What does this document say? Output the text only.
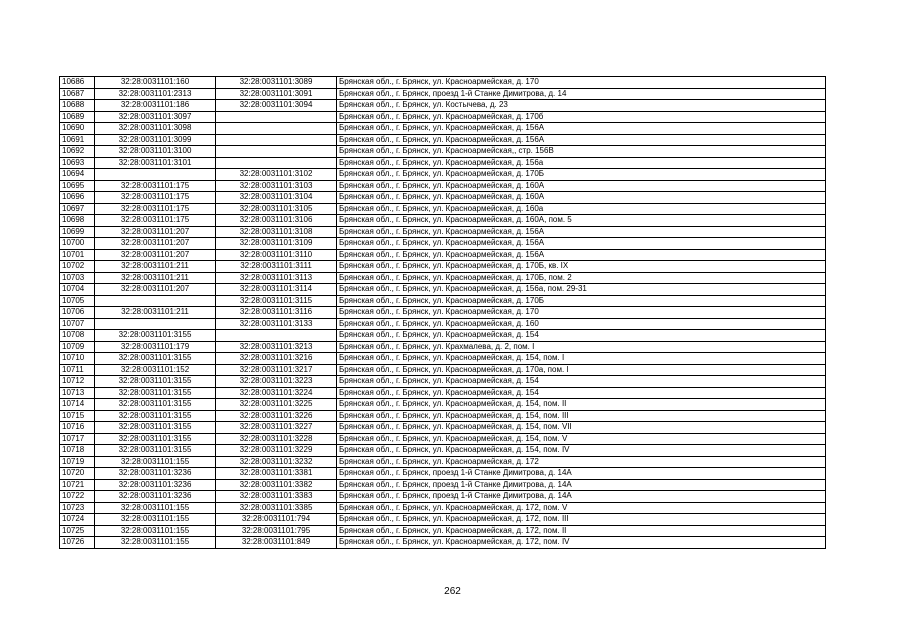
10686	32:28:0031101:160	32:28:0031101:3089	Брянская обл., г. Брянск, ул. Красноармейская, д. 170
10687	32:28:0031101:2313	32:28:0031101:3091	Брянская обл., г. Брянск, проезд 1-й Станке Димитрова, д. 14
10688	32:28:0031101:186	32:28:0031101:3094	Брянская обл., г. Брянск, ул. Костычева, д. 23
10689	32:28:0031101:3097		Брянская обл., г. Брянск, ул. Красноармейская, д. 170б
10690	32:28:0031101:3098		Брянская обл., г. Брянск, ул. Красноармейская, д. 156А
10691	32:28:0031101:3099		Брянская обл., г. Брянск, ул. Красноармейская, д. 156А
10692	32:28:0031101:3100		Брянская обл., г. Брянск, ул. Красноармейская,, стр. 156В
10693	32:28:0031101:3101		Брянская обл., г. Брянск, ул. Красноармейская, д. 156а
10694		32:28:0031101:3102	Брянская обл., г. Брянск, ул. Красноармейская, д. 170Б
10695	32:28:0031101:175	32:28:0031101:3103	Брянская обл., г. Брянск, ул. Красноармейская, д. 160А
10696	32:28:0031101:175	32:28:0031101:3104	Брянская обл., г. Брянск, ул. Красноармейская, д. 160А
10697	32:28:0031101:175	32:28:0031101:3105	Брянская обл., г. Брянск, ул. Красноармейская, д. 160а
10698	32:28:0031101:175	32:28:0031101:3106	Брянская обл., г. Брянск, ул. Красноармейская, д. 160А, пом. 5
10699	32:28:0031101:207	32:28:0031101:3108	Брянская обл., г. Брянск, ул. Красноармейская, д. 156А
10700	32:28:0031101:207	32:28:0031101:3109	Брянская обл., г. Брянск, ул. Красноармейская, д. 156А
10701	32:28:0031101:207	32:28:0031101:3110	Брянская обл., г. Брянск, ул. Красноармейская, д. 156А
10702	32:28:0031101:211	32:28:0031101:3111	Брянская обл., г. Брянск, ул. Красноармейская, д. 170Б, кв. IX
10703	32:28:0031101:211	32:28:0031101:3113	Брянская обл., г. Брянск, ул. Красноармейская, д. 170Б, пом. 2
10704	32:28:0031101:207	32:28:0031101:3114	Брянская обл., г. Брянск, ул. Красноармейская, д. 156а, пом. 29-31
10705		32:28:0031101:3115	Брянская обл., г. Брянск, ул. Красноармейская, д. 170Б
10706	32:28:0031101:211	32:28:0031101:3116	Брянская обл., г. Брянск, ул. Красноармейская, д. 170
10707		32:28:0031101:3133	Брянская обл., г. Брянск, ул. Красноармейская, д. 160
10708	32:28:0031101:3155		Брянская обл., г. Брянск, ул. Красноармейская, д. 154
10709	32:28:0031101:179	32:28:0031101:3213	Брянская обл., г. Брянск, ул. Крахмалева, д. 2, пом. I
10710	32:28:0031101:3155	32:28:0031101:3216	Брянская обл., г. Брянск, ул. Красноармейская, д. 154, пом. I
10711	32:28:0031101:152	32:28:0031101:3217	Брянская обл., г. Брянск, ул. Красноармейская, д. 170а, пом. I
10712	32:28:0031101:3155	32:28:0031101:3223	Брянская обл., г. Брянск, ул. Красноармейская, д. 154
10713	32:28:0031101:3155	32:28:0031101:3224	Брянская обл., г. Брянск, ул. Красноармейская, д. 154
10714	32:28:0031101:3155	32:28:0031101:3225	Брянская обл., г. Брянск, ул. Красноармейская, д. 154, пом. II
10715	32:28:0031101:3155	32:28:0031101:3226	Брянская обл., г. Брянск, ул. Красноармейская, д. 154, пом. III
10716	32:28:0031101:3155	32:28:0031101:3227	Брянская обл., г. Брянск, ул. Красноармейская, д. 154, пом. VII
10717	32:28:0031101:3155	32:28:0031101:3228	Брянская обл., г. Брянск, ул. Красноармейская, д. 154, пом. V
10718	32:28:0031101:3155	32:28:0031101:3229	Брянская обл., г. Брянск, ул. Красноармейская, д. 154, пом. IV
10719	32:28:0031101:155	32:28:0031101:3232	Брянская обл., г. Брянск, ул. Красноармейская, д. 172
10720	32:28:0031101:3236	32:28:0031101:3381	Брянская обл., г. Брянск, проезд 1-й Станке Димитрова, д. 14А
10721	32:28:0031101:3236	32:28:0031101:3382	Брянская обл., г. Брянск, проезд 1-й Станке Димитрова, д. 14А
10722	32:28:0031101:3236	32:28:0031101:3383	Брянская обл., г. Брянск, проезд 1-й Станке Димитрова, д. 14А
10723	32:28:0031101:155	32:28:0031101:3385	Брянская обл., г. Брянск, ул. Красноармейская, д. 172, пом. V
10724	32:28:0031101:155	32:28:0031101:794	Брянская обл., г. Брянск, ул. Красноармейская, д. 172, пом. III
10725	32:28:0031101:155	32:28:0031101:795	Брянская обл., г. Брянск, ул. Красноармейская, д. 172, пом. II
10726	32:28:0031101:155	32:28:0031101:849	Брянская обл., г. Брянск, ул. Красноармейская, д. 172, пом. IV
262
